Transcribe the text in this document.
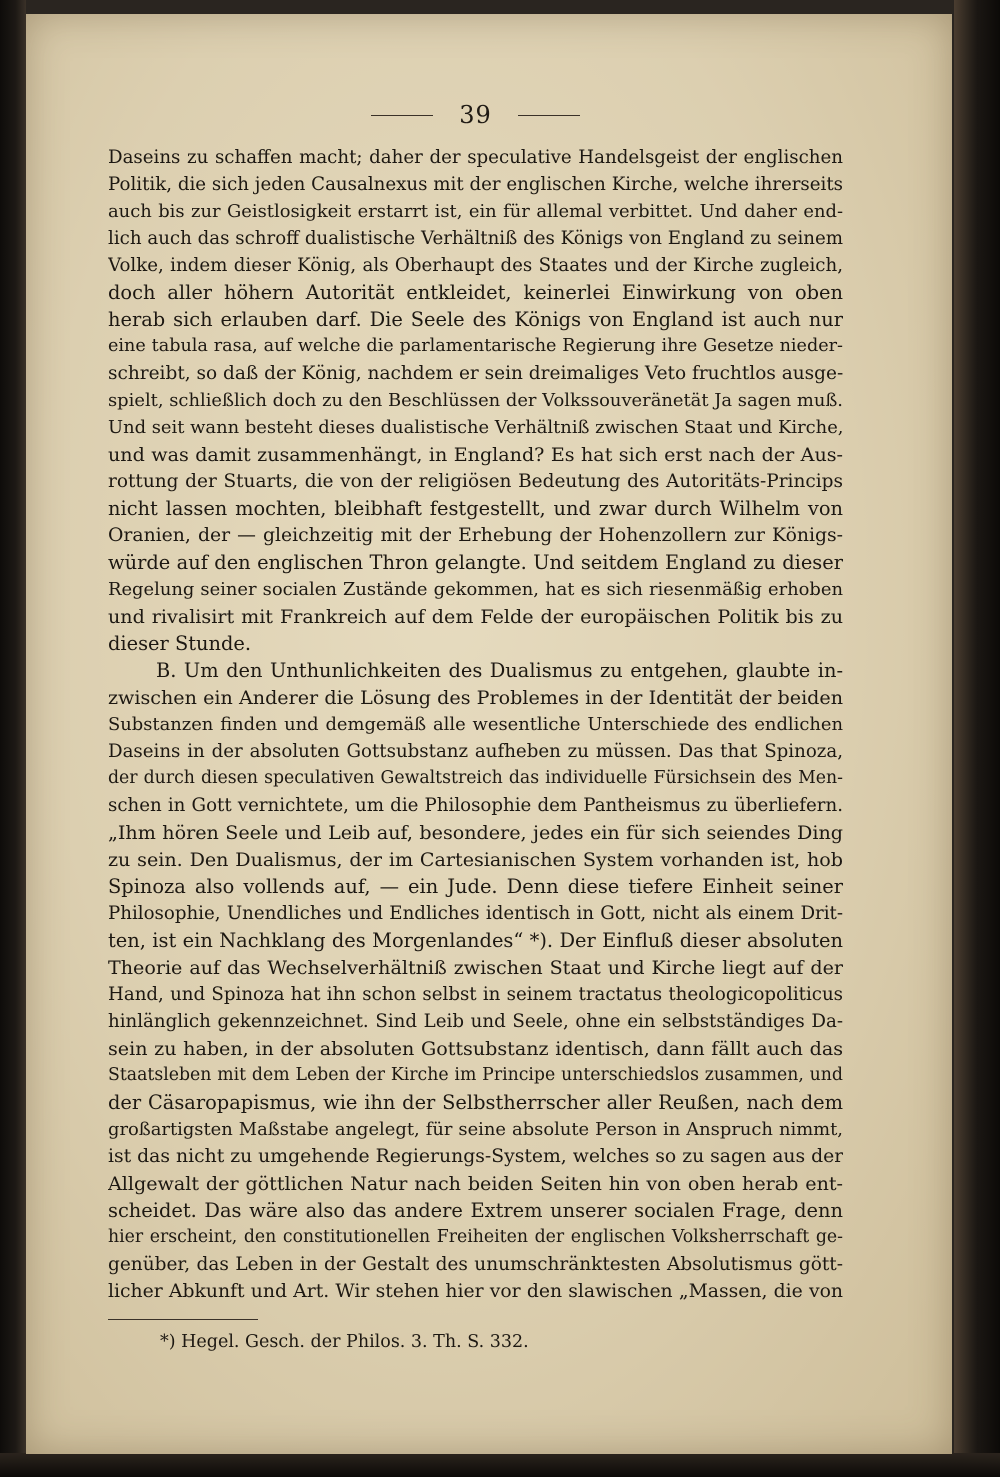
39
Daseins zu schaffen macht; daher der speculative Handelsgeist der englischen
Politik, die sich jeden Causalnexus mit der englischen Kirche, welche ihrerseits
auch bis zur Geistlosigkeit erstarrt ist, ein für allemal verbittet. Und daher end-
lich auch das schroff dualistische Verhältniß des Königs von England zu seinem
Volke, indem dieser König, als Oberhaupt des Staates und der Kirche zugleich,
doch aller höhern Autorität entkleidet, keinerlei Einwirkung von oben
herab sich erlauben darf. Die Seele des Königs von England ist auch nur
eine tabula rasa, auf welche die parlamentarische Regierung ihre Gesetze nieder-
schreibt, so daß der König, nachdem er sein dreimaliges Veto fruchtlos ausge-
spielt, schließlich doch zu den Beschlüssen der Volkssouveränetät Ja sagen muß.
Und seit wann besteht dieses dualistische Verhältniß zwischen Staat und Kirche,
und was damit zusammenhängt, in England? Es hat sich erst nach der Aus-
rottung der Stuarts, die von der religiösen Bedeutung des Autoritäts-Princips
nicht lassen mochten, bleibhaft festgestellt, und zwar durch Wilhelm von
Oranien, der — gleichzeitig mit der Erhebung der Hohenzollern zur Königs-
würde auf den englischen Thron gelangte. Und seitdem England zu dieser
Regelung seiner socialen Zustände gekommen, hat es sich riesenmäßig erhoben
und rivalisirt mit Frankreich auf dem Felde der europäischen Politik bis zu
dieser Stunde.
B. Um den Unthunlichkeiten des Dualismus zu entgehen, glaubte in-
zwischen ein Anderer die Lösung des Problemes in der Identität der beiden
Substanzen finden und demgemäß alle wesentliche Unterschiede des endlichen
Daseins in der absoluten Gottsubstanz aufheben zu müssen. Das that Spinoza,
der durch diesen speculativen Gewaltstreich das individuelle Fürsichsein des Men-
schen in Gott vernichtete, um die Philosophie dem Pantheismus zu überliefern.
„Ihm hören Seele und Leib auf, besondere, jedes ein für sich seiendes Ding
zu sein. Den Dualismus, der im Cartesianischen System vorhanden ist, hob
Spinoza also vollends auf, — ein Jude. Denn diese tiefere Einheit seiner
Philosophie, Unendliches und Endliches identisch in Gott, nicht als einem Drit-
ten, ist ein Nachklang des Morgenlandes“ *). Der Einfluß dieser absoluten
Theorie auf das Wechselverhältniß zwischen Staat und Kirche liegt auf der
Hand, und Spinoza hat ihn schon selbst in seinem tractatus theologicopoliticus
hinlänglich gekennzeichnet. Sind Leib und Seele, ohne ein selbstständiges Da-
sein zu haben, in der absoluten Gottsubstanz identisch, dann fällt auch das
Staatsleben mit dem Leben der Kirche im Principe unterschiedslos zusammen, und
der Cäsaropapismus, wie ihn der Selbstherrscher aller Reußen, nach dem
großartigsten Maßstabe angelegt, für seine absolute Person in Anspruch nimmt,
ist das nicht zu umgehende Regierungs-System, welches so zu sagen aus der
Allgewalt der göttlichen Natur nach beiden Seiten hin von oben herab ent-
scheidet. Das wäre also das andere Extrem unserer socialen Frage, denn
hier erscheint, den constitutionellen Freiheiten der englischen Volksherrschaft ge-
genüber, das Leben in der Gestalt des unumschränktesten Absolutismus gött-
licher Abkunft und Art. Wir stehen hier vor den slawischen „Massen, die von
*) Hegel. Gesch. der Philos. 3. Th. S. 332.
